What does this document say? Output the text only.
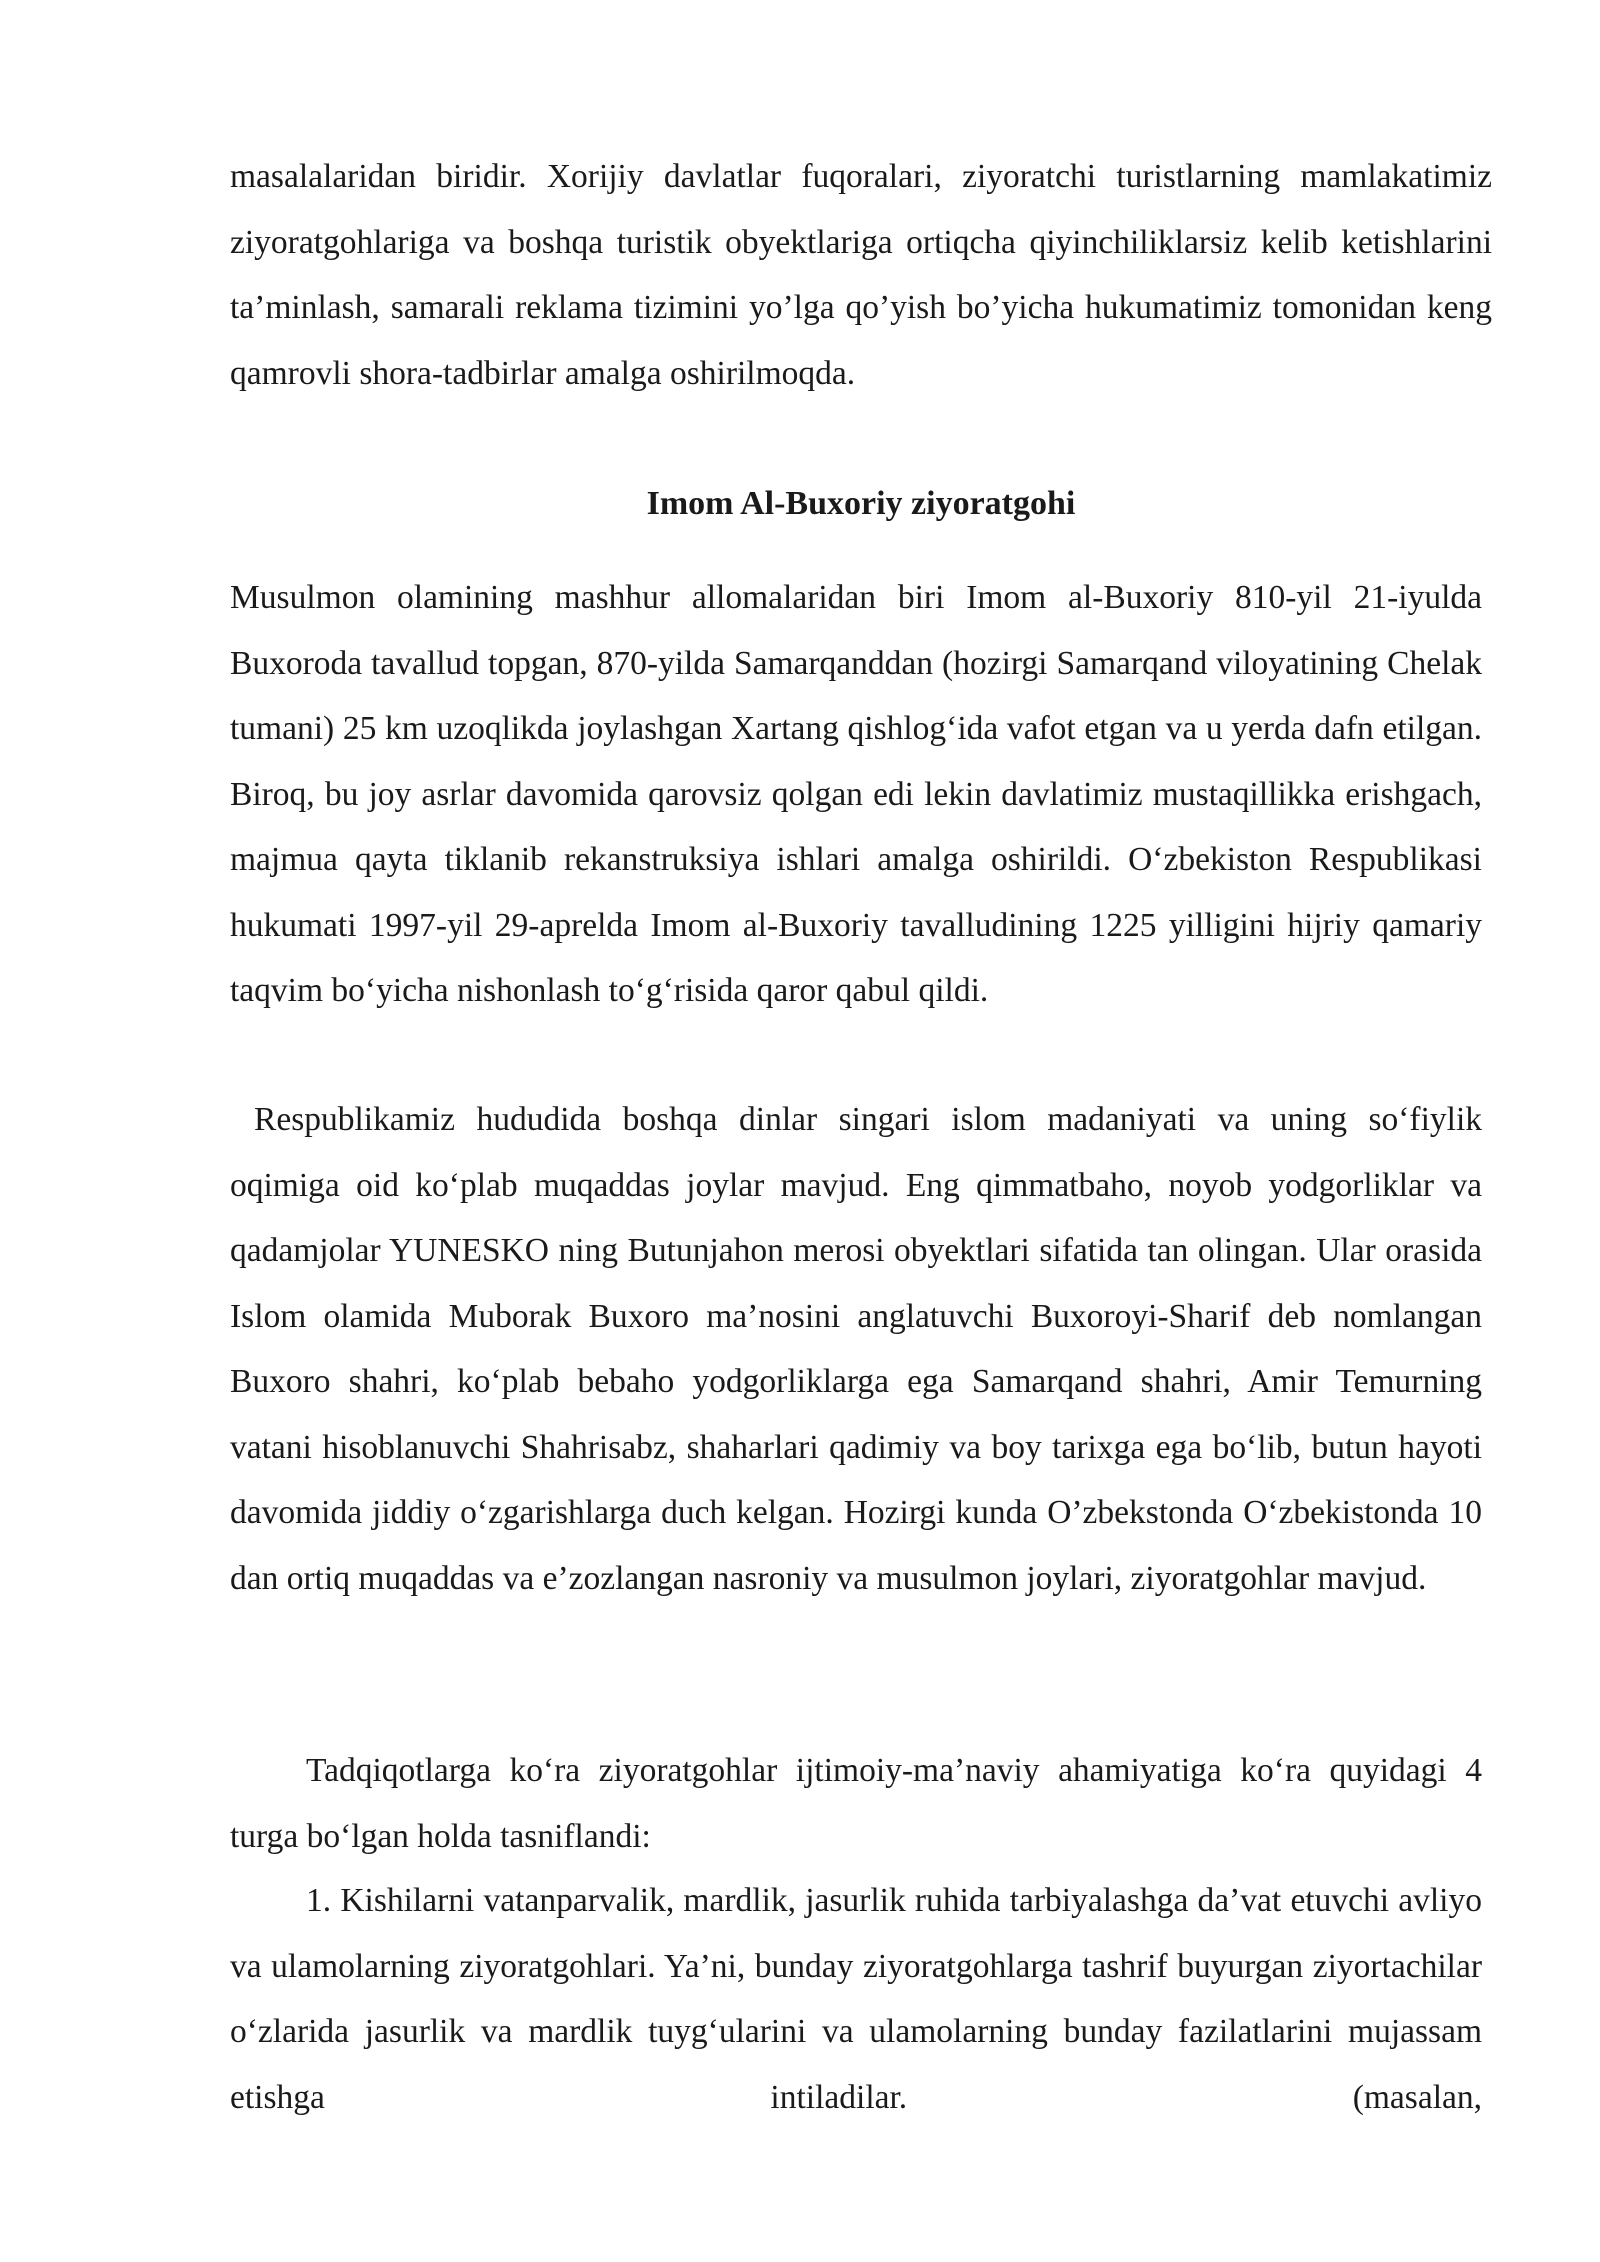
masalalaridan biridir. Xorijiy davlatlar fuqoralari, ziyoratchi turistlarning mamlakatimiz ziyoratgohlariga va boshqa turistik obyektlariga ortiqcha qiyinchiliklarsiz kelib ketishlarini ta’minlash, samarali reklama tizimini yo’lga qo’yish bo’yicha hukumatimiz tomonidan keng qamrovli shora-tadbirlar amalga oshirilmoqda.

Imom Al-Buxoriy ziyoratgohi

Musulmon olamining mashhur allomalaridan biri Imom al-Buxoriy 810-yil 21-iyulda Buxoroda tavallud topgan, 870-yilda Samarqanddan (hozirgi Samarqand viloyatining Chelak tumani) 25 km uzoqlikda joylashgan Xartang qishlog‘ida vafot etgan va u yerda dafn etilgan. Biroq, bu joy asrlar davomida qarovsiz qolgan edi lekin davlatimiz mustaqillikka erishgach, majmua qayta tiklanib rekanstruksiya ishlari amalga oshirildi. O‘zbekiston Respublikasi hukumati 1997-yil 29-aprelda Imom al-Buxoriy tavalludining 1225 yilligini hijriy qamariy taqvim bo‘yicha nishonlash to‘g‘risida qaror qabul qildi.

Respublikamiz hududida boshqa dinlar singari islom madaniyati va uning so‘fiylik oqimiga oid ko‘plab muqaddas joylar mavjud. Eng qimmatbaho, noyob yodgorliklar va qadamjolar YUNESKO ning Butunjahon merosi obyektlari sifatida tan olingan. Ular orasida Islom olamida Muborak Buxoro ma’nosini anglatuvchi Buxoroyi-Sharif deb nomlangan Buxoro shahri, ko‘plab bebaho yodgorliklarga ega Samarqand shahri, Amir Temurning vatani hisoblanuvchi Shahrisabz, shaharlari qadimiy va boy tarixga ega bo‘lib, butun hayoti davomida jiddiy o‘zgarishlarga duch kelgan. Hozirgi kunda O’zbekstonda O‘zbekistonda 10 dan ortiq muqaddas va e’zozlangan nasroniy va musulmon joylari, ziyoratgohlar mavjud.

Tadqiqotlarga ko‘ra ziyoratgohlar ijtimoiy-ma’naviy ahamiyatiga ko‘ra quyidagi 4 turga bo‘lgan holda tasniflandi:

1. Kishilarni vatanparvalik, mardlik, jasurlik ruhida tarbiyalashga da’vat etuvchi avliyo va ulamolarning ziyoratgohlari. Ya’ni, bunday ziyoratgohlarga tashrif buyurgan ziyortachilar o‘zlarida jasurlik va mardlik tuyg‘ularini va ulamolarning bunday fazilatlarini mujassam etishga intiladilar. (masalan,
